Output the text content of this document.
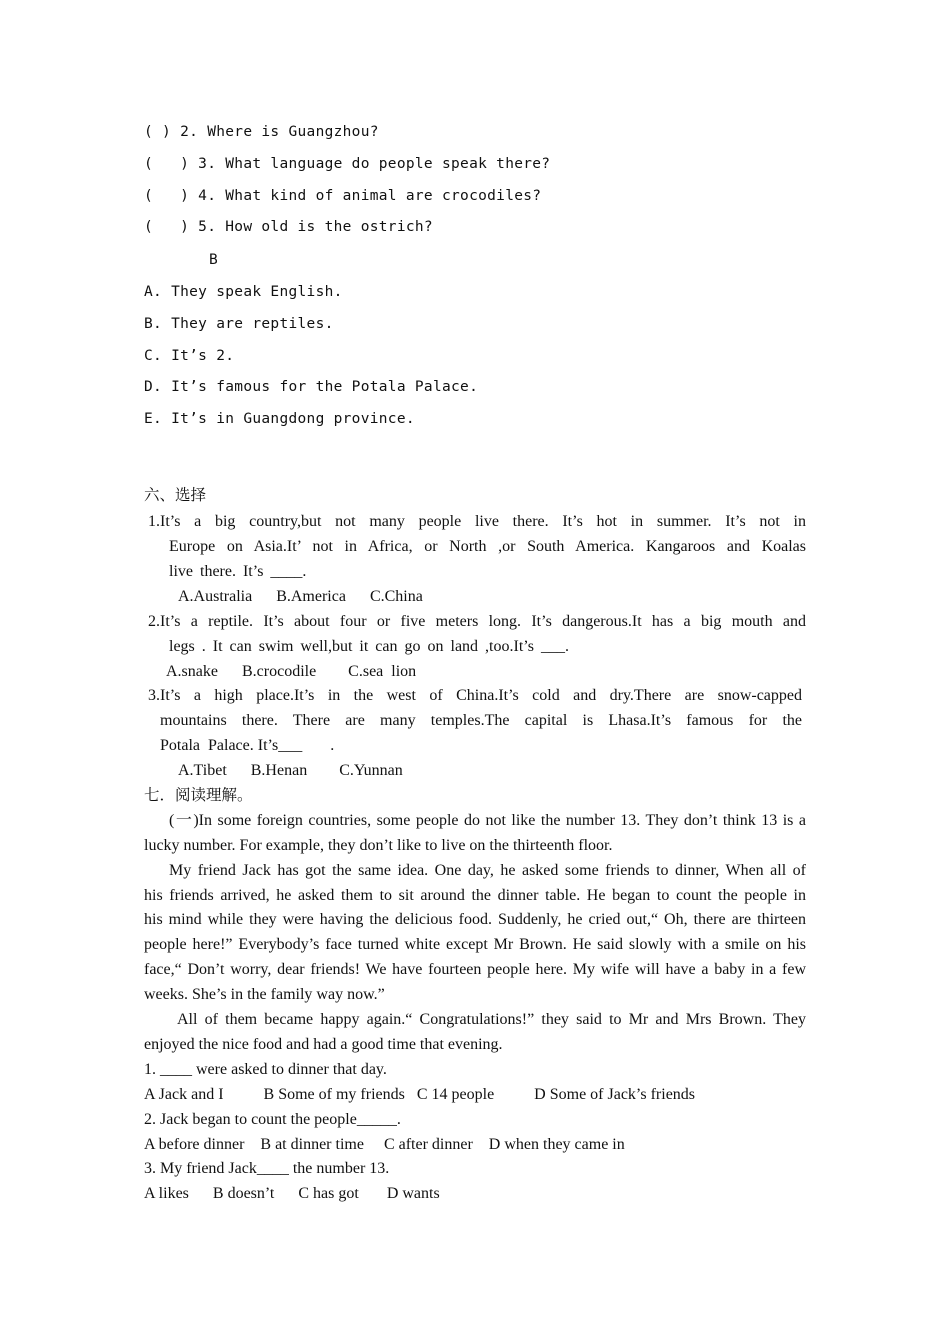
( ) 2. Where is Guangzhou?
(   ) 3. What language do people speak there?
(   ) 4. What kind of animal are crocodiles?
(   ) 5. How old is the ostrich?
B
A. They speak English.
B. They are reptiles.
C. It’s 2.
D. It’s famous for the Potala Palace.
E. It’s in Guangdong province.
六、选择
1.It’s a big country,but not many people live there. It’s hot in summer. It’s not in
Europe on Asia.It’ not in Africa, or North ,or South America. Kangaroos and Koalas
live there. It’s ____.
A.Australia      B.America      C.China
2.It’s a reptile. It’s about four or five meters long. It’s dangerous.It has a big mouth and
legs . It can swim well,but it can go on land ,too.It’s ___.
A.snake      B.crocodile        C.sea  lion
3.It’s a high place.It’s in the west of China.It’s cold and dry.There are snow-capped
mountains there. There are many temples.The capital is Lhasa.It’s famous for the
Potala  Palace. It’s___       .
A.Tibet      B.Henan        C.Yunnan
七．阅读理解。
(一)In some foreign countries, some people do not like the number 13. They don’t think 13 is a
lucky number. For example, they don’t like to live on the thirteenth floor.
My friend Jack has got the same idea. One day, he asked some friends to dinner, When all of
his friends arrived, he asked them to sit around the dinner table. He began to count the people in
his mind while they were having the delicious food. Suddenly, he cried out,“ Oh, there are thirteen
people here!” Everybody’s face turned white except Mr Brown. He said slowly with a smile on his
face,“ Don’t worry, dear friends! We have fourteen people here. My wife will have a baby in a few
weeks. She’s in the family way now.”
All of them became happy again.“ Congratulations!” they said to Mr and Mrs Brown. They
enjoyed the nice food and had a good time that evening.
1. ____ were asked to dinner that day.
A Jack and I          B Some of my friends   C 14 people          D Some of Jack’s friends
2. Jack began to count the people_____.
A before dinner    B at dinner time     C after dinner    D when they came in
3. My friend Jack____ the number 13.
A likes      B doesn’t      C has got       D wants
